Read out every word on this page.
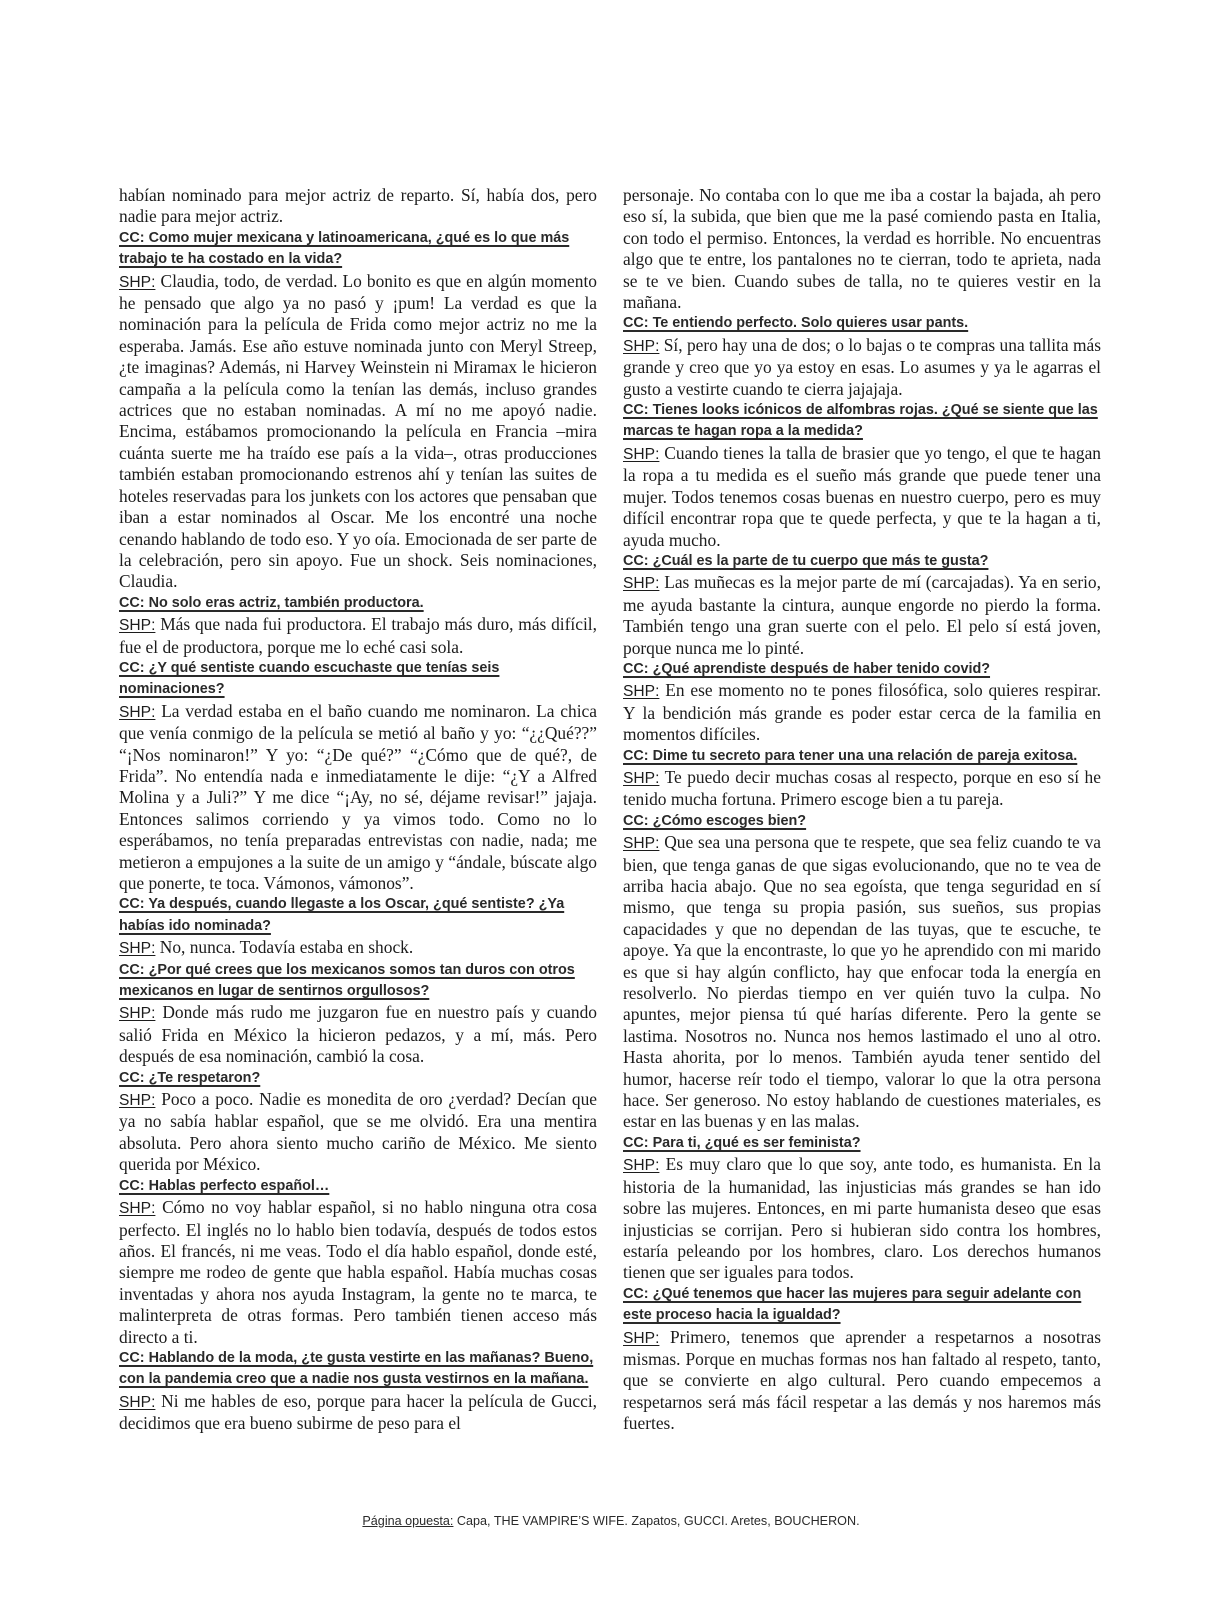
habían nominado para mejor actriz de reparto. Sí, había dos, pero nadie para mejor actriz.
CC: Como mujer mexicana y latinoamericana, ¿qué es lo que más trabajo te ha costado en la vida?
SHP: Claudia, todo, de verdad. Lo bonito es que en algún momento he pensado que algo ya no pasó y ¡pum! La verdad es que la nominación para la película de Frida como mejor actriz no me la esperaba. Jamás. Ese año estuve nominada junto con Meryl Streep, ¿te imaginas? Además, ni Harvey Weinstein ni Miramax le hicieron campaña a la película como la tenían las demás, incluso grandes actrices que no estaban nominadas. A mí no me apoyó nadie. Encima, estábamos promocionando la película en Francia –mira cuánta suerte me ha traído ese país a la vida–, otras producciones también estaban promocionando estrenos ahí y tenían las suites de hoteles reservadas para los junkets con los actores que pensaban que iban a estar nominados al Oscar. Me los encontré una noche cenando hablando de todo eso. Y yo oía. Emocionada de ser parte de la celebración, pero sin apoyo. Fue un shock. Seis nominaciones, Claudia.
CC: No solo eras actriz, también productora.
SHP: Más que nada fui productora. El trabajo más duro, más difícil, fue el de productora, porque me lo eché casi sola.
CC: ¿Y qué sentiste cuando escuchaste que tenías seis nominaciones?
SHP: La verdad estaba en el baño cuando me nominaron. La chica que venía conmigo de la película se metió al baño y yo: “¿¿Qué??” “¡Nos nominaron!” Y yo: “¿De qué?” “¿Cómo que de qué?, de Frida”. No entendía nada e inmediatamente le dije: “¿Y a Alfred Molina y a Juli?” Y me dice “¡Ay, no sé, déjame revisar!” jajaja. Entonces salimos corriendo y ya vimos todo. Como no lo esperábamos, no tenía preparadas entrevistas con nadie, nada; me metieron a empujones a la suite de un amigo y “ándale, búscate algo que ponerte, te toca. Vámonos, vámonos”.
CC: Ya después, cuando llegaste a los Oscar, ¿qué sentiste? ¿Ya habías ido nominada?
SHP: No, nunca. Todavía estaba en shock.
CC: ¿Por qué crees que los mexicanos somos tan duros con otros mexicanos en lugar de sentirnos orgullosos?
SHP: Donde más rudo me juzgaron fue en nuestro país y cuando salió Frida en México la hicieron pedazos, y a mí, más. Pero después de esa nominación, cambió la cosa.
CC: ¿Te respetaron?
SHP: Poco a poco. Nadie es monedita de oro ¿verdad? Decían que ya no sabía hablar español, que se me olvidó. Era una mentira absoluta. Pero ahora siento mucho cariño de México. Me siento querida por México.
CC: Hablas perfecto español…
SHP: Cómo no voy hablar español, si no hablo ninguna otra cosa perfecto. El inglés no lo hablo bien todavía, después de todos estos años. El francés, ni me veas. Todo el día hablo español, donde esté, siempre me rodeo de gente que habla español. Había muchas cosas inventadas y ahora nos ayuda Instagram, la gente no te marca, te malinterpreta de otras formas. Pero también tienen acceso más directo a ti.
CC: Hablando de la moda, ¿te gusta vestirte en las mañanas? Bueno, con la pandemia creo que a nadie nos gusta vestirnos en la mañana.
SHP: Ni me hables de eso, porque para hacer la película de Gucci, decidimos que era bueno subirme de peso para el
personaje. No contaba con lo que me iba a costar la bajada, ah pero eso sí, la subida, que bien que me la pasé comiendo pasta en Italia, con todo el permiso. Entonces, la verdad es horrible. No encuentras algo que te entre, los pantalones no te cierran, todo te aprieta, nada se te ve bien. Cuando subes de talla, no te quieres vestir en la mañana.
CC: Te entiendo perfecto. Solo quieres usar pants.
SHP: Sí, pero hay una de dos; o lo bajas o te compras una tallita más grande y creo que yo ya estoy en esas. Lo asumes y ya le agarras el gusto a vestirte cuando te cierra jajajaja.
CC: Tienes looks icónicos de alfombras rojas. ¿Qué se siente que las marcas te hagan ropa a la medida?
SHP: Cuando tienes la talla de brasier que yo tengo, el que te hagan la ropa a tu medida es el sueño más grande que puede tener una mujer. Todos tenemos cosas buenas en nuestro cuerpo, pero es muy difícil encontrar ropa que te quede perfecta, y que te la hagan a ti, ayuda mucho.
CC: ¿Cuál es la parte de tu cuerpo que más te gusta?
SHP: Las muñecas es la mejor parte de mí (carcajadas). Ya en serio, me ayuda bastante la cintura, aunque engorde no pierdo la forma. También tengo una gran suerte con el pelo. El pelo sí está joven, porque nunca me lo pinté.
CC: ¿Qué aprendiste después de haber tenido covid?
SHP: En ese momento no te pones filosófica, solo quieres respirar. Y la bendición más grande es poder estar cerca de la familia en momentos difíciles.
CC: Dime tu secreto para tener una una relación de pareja exitosa.
SHP: Te puedo decir muchas cosas al respecto, porque en eso sí he tenido mucha fortuna. Primero escoge bien a tu pareja.
CC: ¿Cómo escoges bien?
SHP: Que sea una persona que te respete, que sea feliz cuando te va bien, que tenga ganas de que sigas evolucionando, que no te vea de arriba hacia abajo. Que no sea egoísta, que tenga seguridad en sí mismo, que tenga su propia pasión, sus sueños, sus propias capacidades y que no dependan de las tuyas, que te escuche, te apoye. Ya que la encontraste, lo que yo he aprendido con mi marido es que si hay algún conflicto, hay que enfocar toda la energía en resolverlo. No pierdas tiempo en ver quién tuvo la culpa. No apuntes, mejor piensa tú qué harías diferente. Pero la gente se lastima. Nosotros no. Nunca nos hemos lastimado el uno al otro. Hasta ahorita, por lo menos. También ayuda tener sentido del humor, hacerse reír todo el tiempo, valorar lo que la otra persona hace. Ser generoso. No estoy hablando de cuestiones materiales, es estar en las buenas y en las malas.
CC: Para ti, ¿qué es ser feminista?
SHP: Es muy claro que lo que soy, ante todo, es humanista. En la historia de la humanidad, las injusticias más grandes se han ido sobre las mujeres. Entonces, en mi parte humanista deseo que esas injusticias se corrijan. Pero si hubieran sido contra los hombres, estaría peleando por los hombres, claro. Los derechos humanos tienen que ser iguales para todos.
CC: ¿Qué tenemos que hacer las mujeres para seguir adelante con este proceso hacia la igualdad?
SHP: Primero, tenemos que aprender a respetarnos a nosotras mismas. Porque en muchas formas nos han faltado al respeto, tanto, que se convierte en algo cultural. Pero cuando empecemos a respetarnos será más fácil respetar a las demás y nos haremos más fuertes.
Página opuesta: Capa, THE VAMPIRE’S WIFE. Zapatos, GUCCI. Aretes, BOUCHERON.
